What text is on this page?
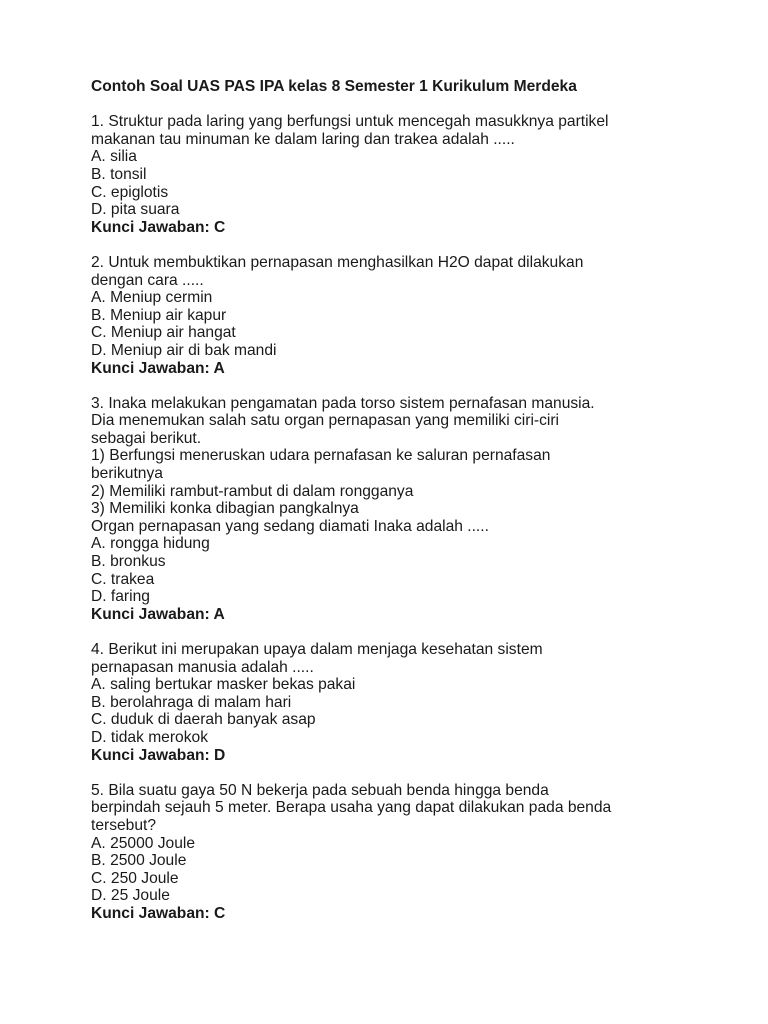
Contoh Soal UAS PAS IPA kelas 8 Semester 1 Kurikulum Merdeka
1. Struktur pada laring yang berfungsi untuk mencegah masukknya partikel
makanan tau minuman ke dalam laring dan trakea adalah .....
A. silia
B. tonsil
C. epiglotis
D. pita suara
Kunci Jawaban: C
2. Untuk membuktikan pernapasan menghasilkan H2O dapat dilakukan
dengan cara .....
A. Meniup cermin
B. Meniup air kapur
C. Meniup air hangat
D. Meniup air di bak mandi
Kunci Jawaban: A
3. Inaka melakukan pengamatan pada torso sistem pernafasan manusia.
Dia menemukan salah satu organ pernapasan yang memiliki ciri-ciri
sebagai berikut.
1) Berfungsi meneruskan udara pernafasan ke saluran pernafasan
berikutnya
2) Memiliki rambut-rambut di dalam rongganya
3) Memiliki konka dibagian pangkalnya
Organ pernapasan yang sedang diamati Inaka adalah .....
A. rongga hidung
B. bronkus
C. trakea
D. faring
Kunci Jawaban: A
4. Berikut ini merupakan upaya dalam menjaga kesehatan sistem
pernapasan manusia adalah .....
A. saling bertukar masker bekas pakai
B. berolahraga di malam hari
C. duduk di daerah banyak asap
D. tidak merokok
Kunci Jawaban: D
5. Bila suatu gaya 50 N bekerja pada sebuah benda hingga benda
berpindah sejauh 5 meter. Berapa usaha yang dapat dilakukan pada benda
tersebut?
A. 25000 Joule
B. 2500 Joule
C. 250 Joule
D. 25 Joule
Kunci Jawaban: C
